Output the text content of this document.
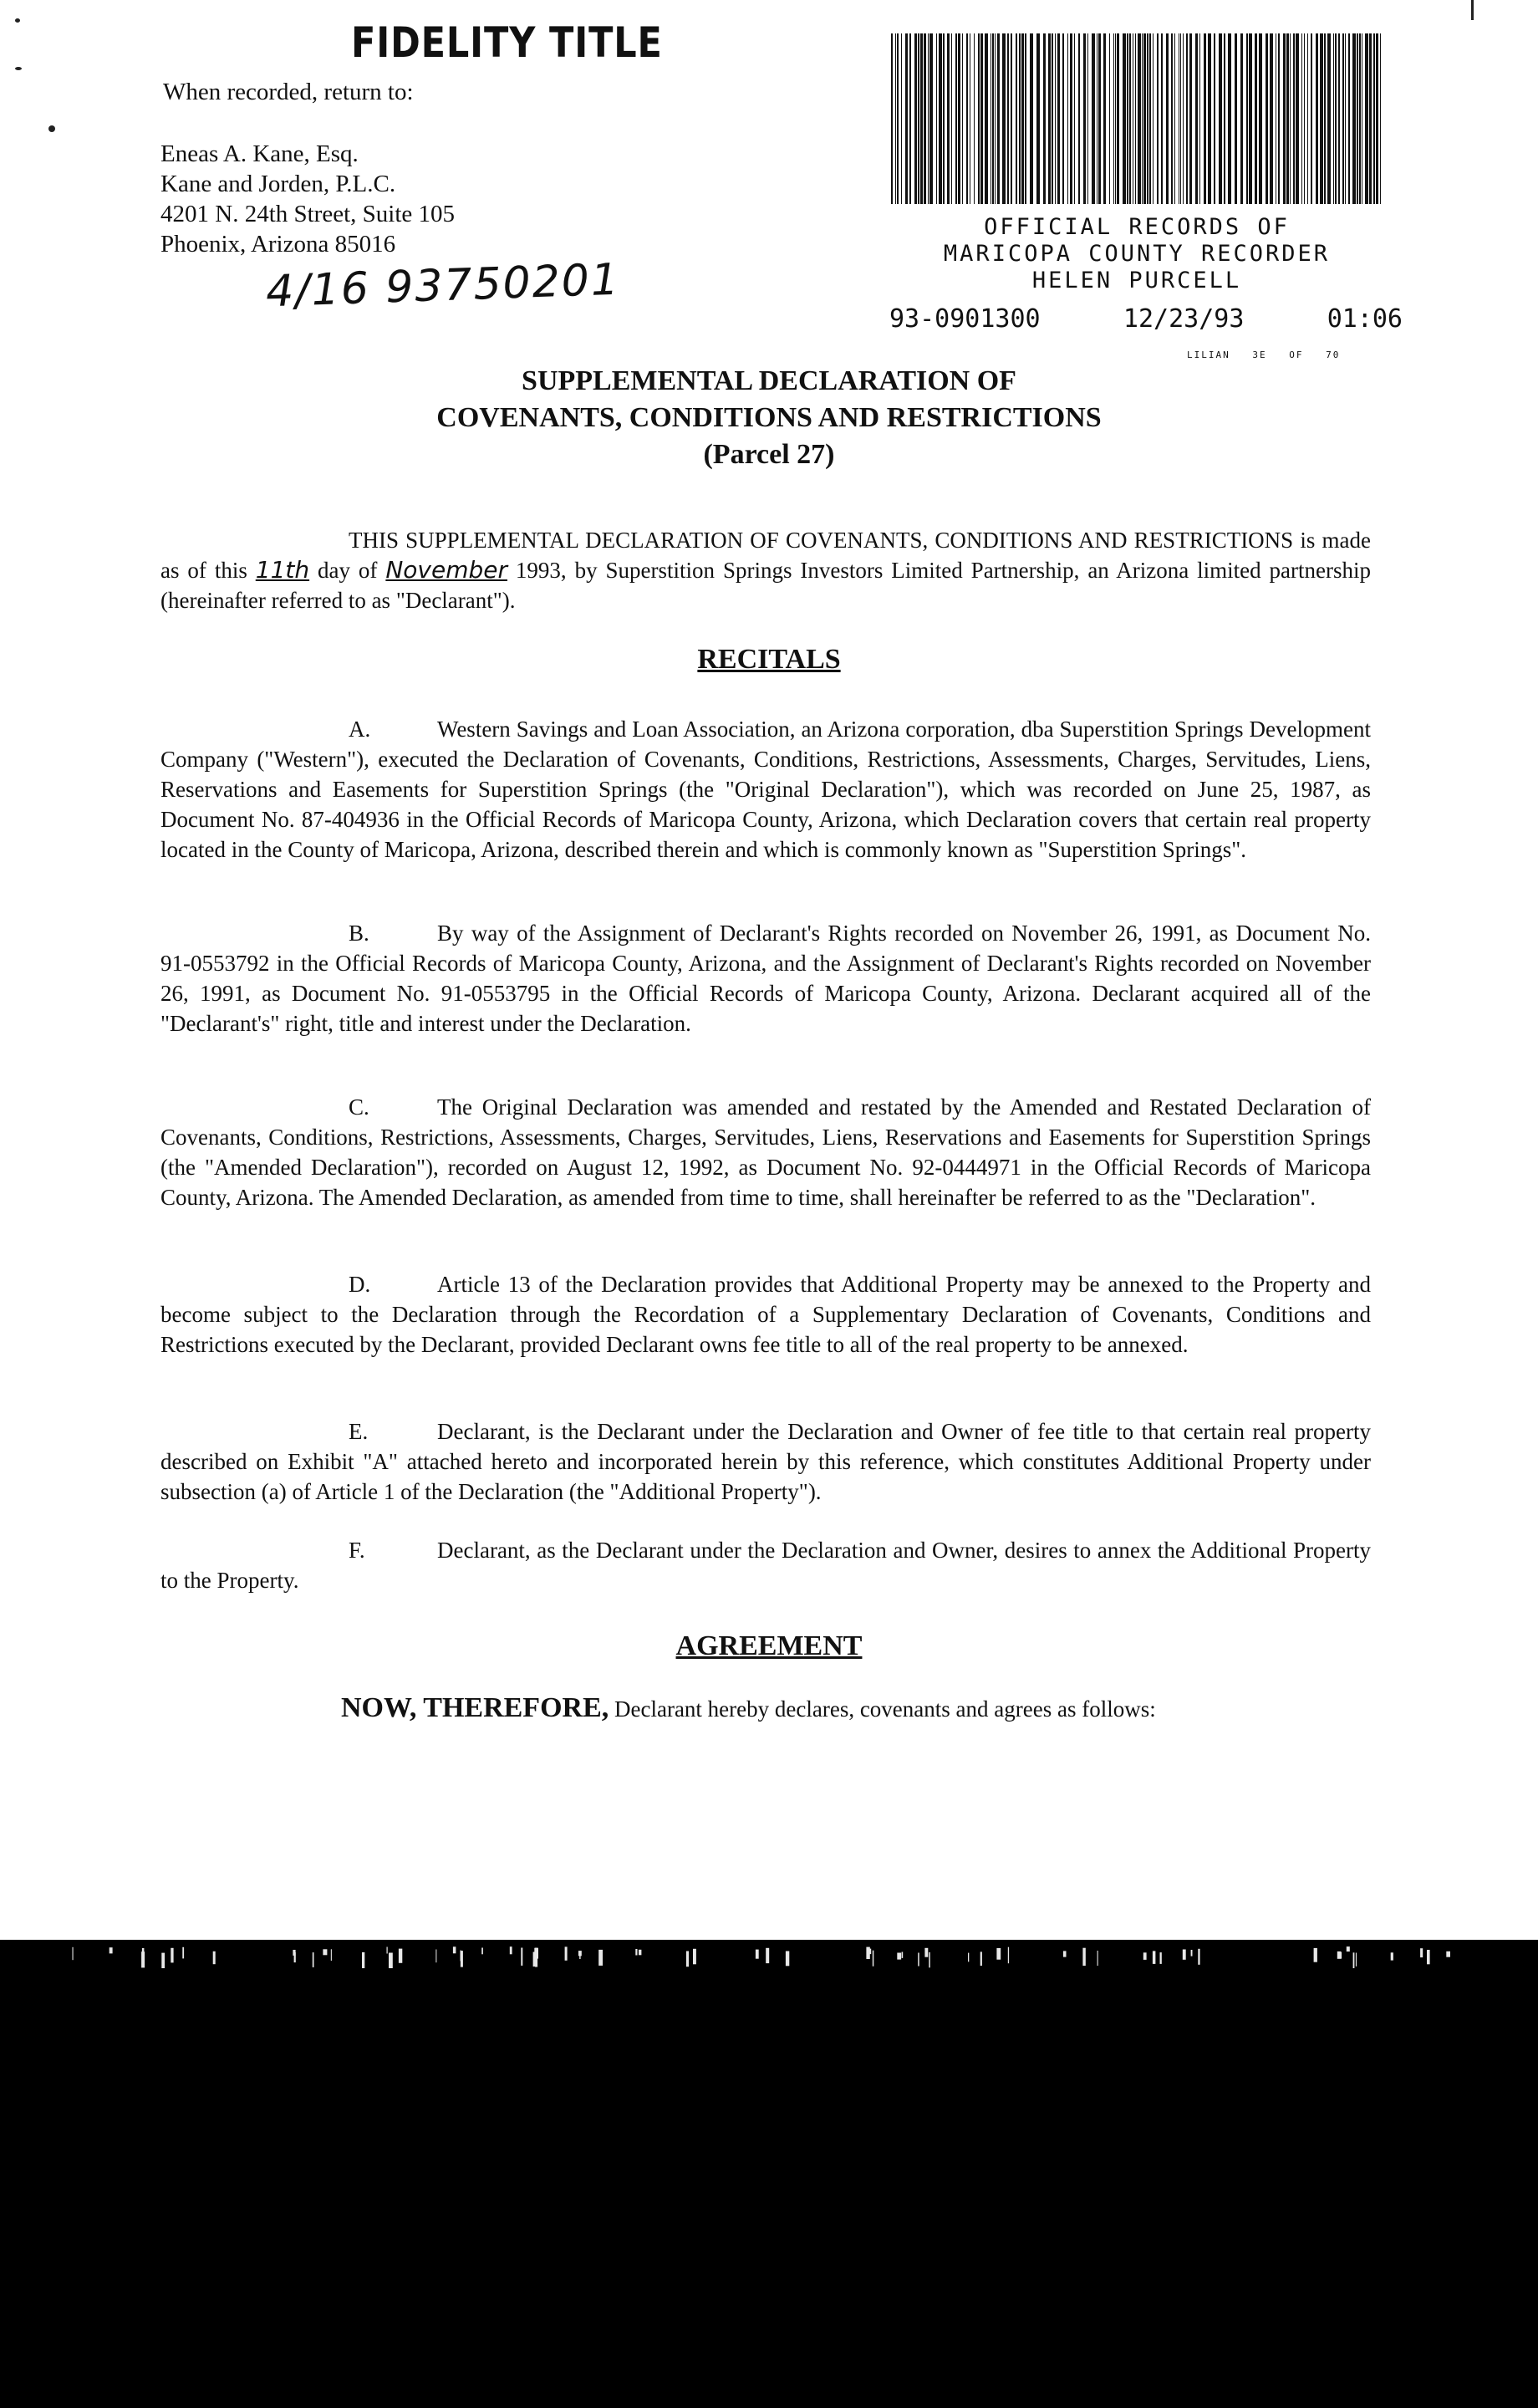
FIDELITY TITLE
When recorded, return to:
Eneas A. Kane, Esq.
Kane and Jorden, P.L.C.
4201 N. 24th Street, Suite 105
Phoenix, Arizona 85016
4/16 93750201
OFFICIAL RECORDS OF
MARICOPA COUNTY RECORDER
HELEN PURCELL
93-0901300	12/23/93	01:06
LILIAN 3E OF 70
SUPPLEMENTAL DECLARATION OF
COVENANTS, CONDITIONS AND RESTRICTIONS
(Parcel 27)
THIS SUPPLEMENTAL DECLARATION OF COVENANTS, CONDITIONS AND RESTRICTIONS is made as of this 11th day of November 1993, by Superstition Springs Investors Limited Partnership, an Arizona limited partnership (hereinafter referred to as "Declarant").
RECITALS
A.	Western Savings and Loan Association, an Arizona corporation, dba Superstition Springs Development Company ("Western"), executed the Declaration of Covenants, Conditions, Restrictions, Assessments, Charges, Servitudes, Liens, Reservations and Easements for Superstition Springs (the "Original Declaration"), which was recorded on June 25, 1987, as Document No. 87-404936 in the Official Records of Maricopa County, Arizona, which Declaration covers that certain real property located in the County of Maricopa, Arizona, described therein and which is commonly known as "Superstition Springs".
B.	By way of the Assignment of Declarant's Rights recorded on November 26, 1991, as Document No. 91-0553792 in the Official Records of Maricopa County, Arizona, and the Assignment of Declarant's Rights recorded on November 26, 1991, as Document No. 91-0553795 in the Official Records of Maricopa County, Arizona. Declarant acquired all of the "Declarant's" right, title and interest under the Declaration.
C.	The Original Declaration was amended and restated by the Amended and Restated Declaration of Covenants, Conditions, Restrictions, Assessments, Charges, Servitudes, Liens, Reservations and Easements for Superstition Springs (the "Amended Declaration"), recorded on August 12, 1992, as Document No. 92-0444971 in the Official Records of Maricopa County, Arizona. The Amended Declaration, as amended from time to time, shall hereinafter be referred to as the "Declaration".
D.	Article 13 of the Declaration provides that Additional Property may be annexed to the Property and become subject to the Declaration through the Recordation of a Supplementary Declaration of Covenants, Conditions and Restrictions executed by the Declarant, provided Declarant owns fee title to all of the real property to be annexed.
E.	Declarant, is the Declarant under the Declaration and Owner of fee title to that certain real property described on Exhibit "A" attached hereto and incorporated herein by this reference, which constitutes Additional Property under subsection (a) of Article 1 of the Declaration (the "Additional Property").
F.	Declarant, as the Declarant under the Declaration and Owner, desires to annex the Additional Property to the Property.
AGREEMENT
NOW, THEREFORE, Declarant hereby declares, covenants and agrees as follows:
